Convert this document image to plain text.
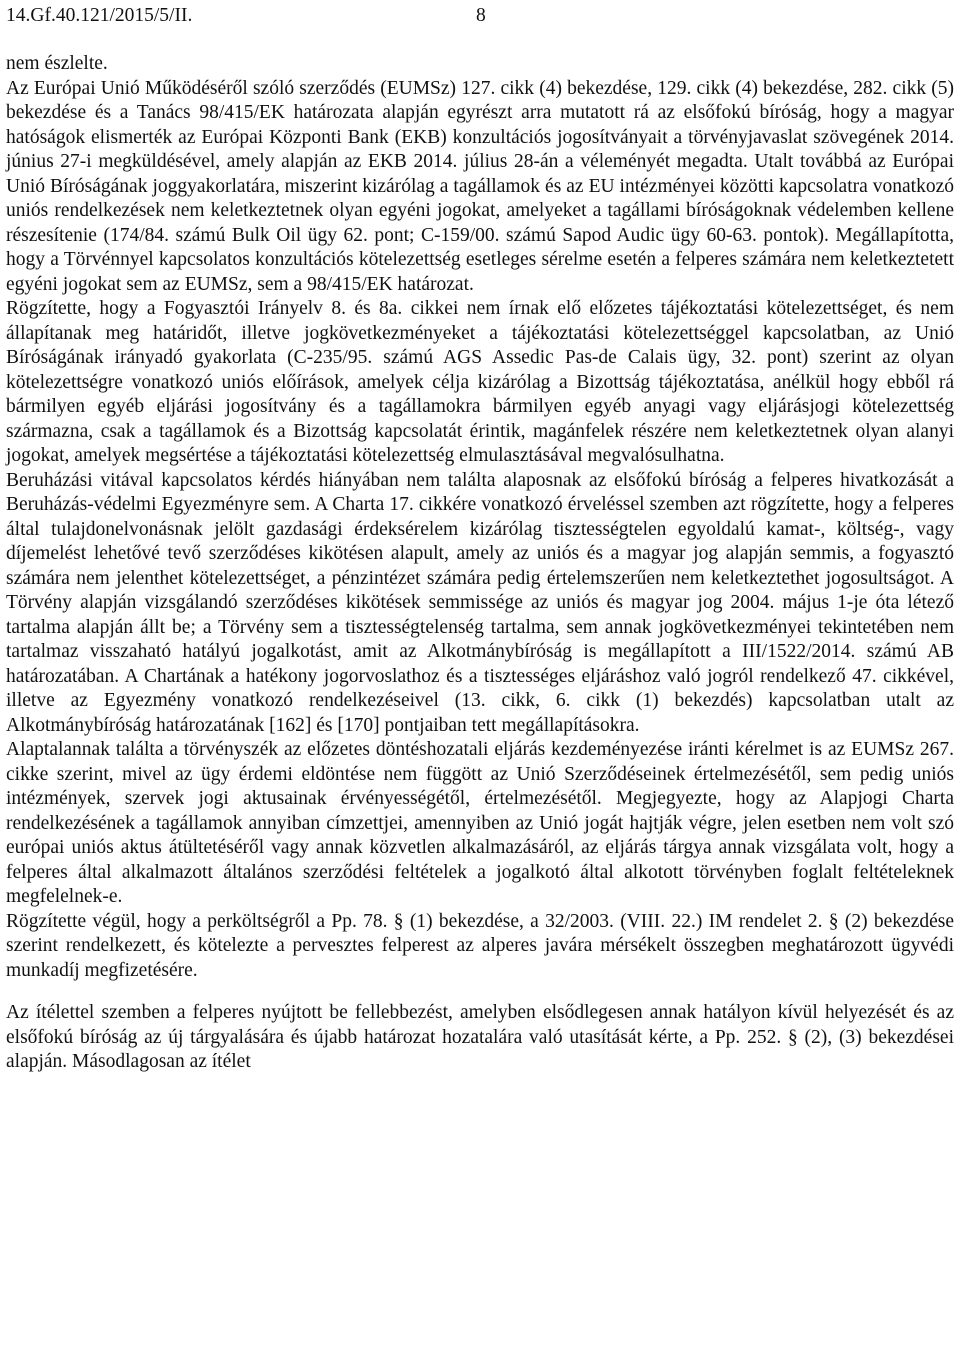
14.Gf.40.121/2015/5/II.	8

nem észlelte.

Az Európai Unió Működéséről szóló szerződés (EUMSz) 127. cikk (4) bekezdése, 129. cikk (4) bekezdése, 282. cikk (5) bekezdése és a Tanács 98/415/EK határozata alapján egyrészt arra mutatott rá az elsőfokú bíróság, hogy a magyar hatóságok elismerték az Európai Központi Bank (EKB) konzultációs jogosítványait a törvényjavaslat szövegének 2014. június 27-i megküldésével, amely alapján az EKB 2014. július 28-án a véleményét megadta. Utalt továbbá az Európai Unió Bíróságának joggyakorlatára, miszerint kizárólag a tagállamok és az EU intézményei közötti kapcsolatra vonatkozó uniós rendelkezések nem keletkeztetnek olyan egyéni jogokat, amelyeket a tagállami bíróságoknak védelemben kellene részesítenie (174/84. számú Bulk Oil ügy 62. pont; C-159/00. számú Sapod Audic ügy 60-63. pontok). Megállapította, hogy a Törvénnyel kapcsolatos konzultációs kötelezettség esetleges sérelme esetén a felperes számára nem keletkeztetett egyéni jogokat sem az EUMSz, sem a 98/415/EK határozat.

Rögzítette, hogy a Fogyasztói Irányelv 8. és 8a. cikkei nem írnak elő előzetes tájékoztatási kötelezettséget, és nem állapítanak meg határidőt, illetve jogkövetkezményeket a tájékoztatási kötelezettséggel kapcsolatban, az Unió Bíróságának irányadó gyakorlata (C-235/95. számú AGS Assedic Pas-de Calais ügy, 32. pont) szerint az olyan kötelezettségre vonatkozó uniós előírások, amelyek célja kizárólag a Bizottság tájékoztatása, anélkül hogy ebből rá bármilyen egyéb eljárási jogosítvány és a tagállamokra bármilyen egyéb anyagi vagy eljárásjogi kötelezettség származna, csak a tagállamok és a Bizottság kapcsolatát érintik, magánfelek részére nem keletkeztetnek olyan alanyi jogokat, amelyek megsértése a tájékoztatási kötelezettség elmulasztásával megvalósulhatna.

Beruházási vitával kapcsolatos kérdés hiányában nem találta alaposnak az elsőfokú bíróság a felperes hivatkozását a Beruházás-védelmi Egyezményre sem. A Charta 17. cikkére vonatkozó érveléssel szemben azt rögzítette, hogy a felperes által tulajdonelvonásnak jelölt gazdasági érdeksérelem kizárólag tisztességtelen egyoldalú kamat-, költség-, vagy díjemelést lehetővé tevő szerződéses kikötésen alapult, amely az uniós és a magyar jog alapján semmis, a fogyasztó számára nem jelenthet kötelezettséget, a pénzintézet számára pedig értelemszerűen nem keletkeztethet jogosultságot. A Törvény alapján vizsgálandó szerződéses kikötések semmissége az uniós és magyar jog 2004. május 1-je óta létező tartalma alapján állt be; a Törvény sem a tisztességtelenség tartalma, sem annak jogkövetkezményei tekintetében nem tartalmaz visszaható hatályú jogalkotást, amit az Alkotmánybíróság is megállapított a III/1522/2014. számú AB határozatában. A Chartának a hatékony jogorvoslathoz és a tisztességes eljáráshoz való jogról rendelkező 47. cikkével, illetve az Egyezmény vonatkozó rendelkezéseivel (13. cikk, 6. cikk (1) bekezdés) kapcsolatban utalt az Alkotmánybíróság határozatának [162] és [170] pontjaiban tett megállapításokra.

Alaptalannak találta a törvényszék az előzetes döntéshozatali eljárás kezdeményezése iránti kérelmet is az EUMSz 267. cikke szerint, mivel az ügy érdemi eldöntése nem függött az Unió Szerződéseinek értelmezésétől, sem pedig uniós intézmények, szervek jogi aktusainak érvényességétől, értelmezésétől. Megjegyezte, hogy az Alapjogi Charta rendelkezésének a tagállamok annyiban címzettjei, amennyiben az Unió jogát hajtják végre, jelen esetben nem volt szó európai uniós aktus átültetéséről vagy annak közvetlen alkalmazásáról, az eljárás tárgya annak vizsgálata volt, hogy a felperes által alkalmazott általános szerződési feltételek a jogalkotó által alkotott törvényben foglalt feltételeknek megfelelnek-e.

Rögzítette végül, hogy a perköltségről a Pp. 78. § (1) bekezdése, a 32/2003. (VIII. 22.) IM rendelet 2. § (2) bekezdése szerint rendelkezett, és kötelezte a pervesztes felperest az alperes javára mérsékelt összegben meghatározott ügyvédi munkadíj megfizetésére.

Az ítélettel szemben a felperes nyújtott be fellebbezést, amelyben elsődlegesen annak hatályon kívül helyezését és az elsőfokú bíróság az új tárgyalására és újabb határozat hozatalára való utasítását kérte, a Pp. 252. § (2), (3) bekezdései alapján. Másodlagosan az ítélet
